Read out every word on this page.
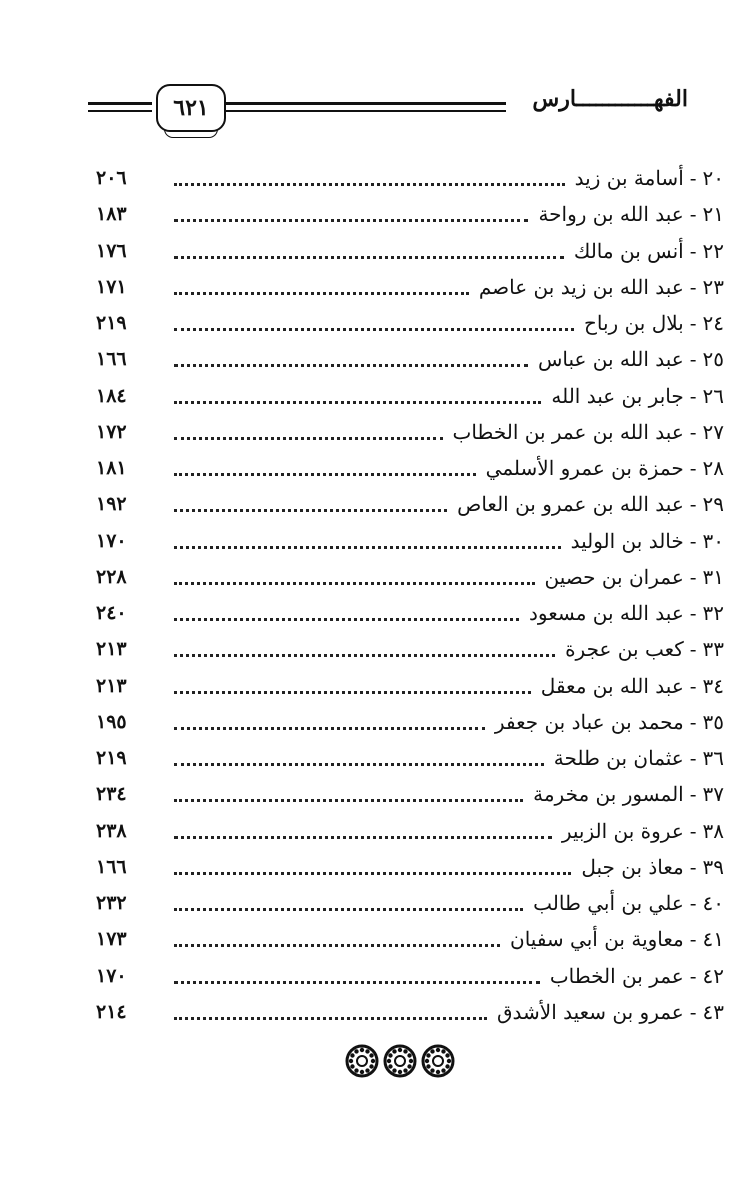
٦٢١	الفهــــــــــــارس
٢٠
-
أسامة بن زيد
٢٠٦
٢١
-
عبد الله بن رواحة
١٨٣
٢٢
-
أنس بن مالك
١٧٦
٢٣
-
عبد الله بن زيد بن عاصم
١٧١
٢٤
-
بلال بن رباح
٢١٩
٢٥
-
عبد الله بن عباس
١٦٦
٢٦
-
جابر بن عبد الله
١٨٤
٢٧
-
عبد الله بن عمر بن الخطاب
١٧٢
٢٨
-
حمزة بن عمرو الأسلمي
١٨١
٢٩
-
عبد الله بن عمرو بن العاص
١٩٢
٣٠
-
خالد بن الوليد
١٧٠
٣١
-
عمران بن حصين
٢٢٨
٣٢
-
عبد الله بن مسعود
٢٤٠
٣٣
-
كعب بن عجرة
٢١٣
٣٤
-
عبد الله بن معقل
٢١٣
٣٥
-
محمد بن عباد بن جعفر
١٩٥
٣٦
-
عثمان بن طلحة
٢١٩
٣٧
-
المسور بن مخرمة
٢٣٤
٣٨
-
عروة بن الزبير
٢٣٨
٣٩
-
معاذ بن جبل
١٦٦
٤٠
-
علي بن أبي طالب
٢٣٢
٤١
-
معاوية بن أبي سفيان
١٧٣
٤٢
-
عمر بن الخطاب
١٧٠
٤٣
-
عمرو بن سعيد الأشدق
٢١٤
